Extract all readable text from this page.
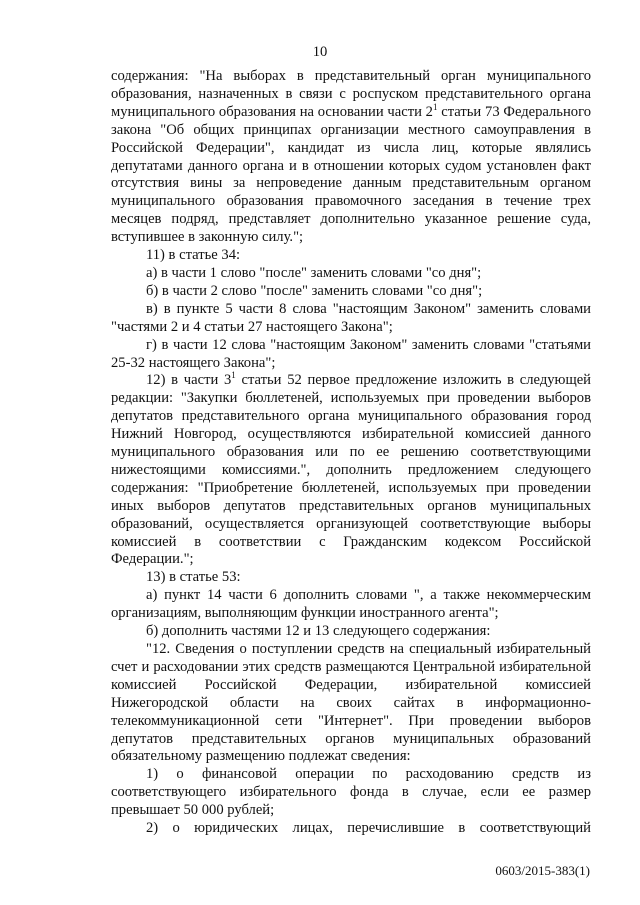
10

содержания: "На выборах в представительный орган муниципального образования, назначенных в связи с роспуском представительного органа муниципального образования на основании части $2^1$ статьи 73 Федерального закона "Об общих принципах организации местного самоуправления в Российской Федерации", кандидат из числа лиц, которые являлись депутатами данного органа и в отношении которых судом установлен факт отсутствия вины за непроведение данным представительным органом муниципального образования правомочного заседания в течение трех месяцев подряд, представляет дополнительно указанное решение суда, вступившее в законную силу.";

11) в статье 34:

а) в части 1 слово "после" заменить словами "со дня";

б) в части 2 слово "после" заменить словами "со дня";

в) в пункте 5 части 8 слова "настоящим Законом" заменить словами "частями 2 и 4 статьи 27 настоящего Закона";

г) в части 12 слова "настоящим Законом" заменить словами "статьями 25-32 настоящего Закона";

12) в части $3^1$ статьи 52 первое предложение изложить в следующей редакции: "Закупки бюллетеней, используемых при проведении выборов депутатов представительного органа муниципального образования город Нижний Новгород, осуществляются избирательной комиссией данного муниципального образования или по ее решению соответствующими нижестоящими комиссиями.", дополнить предложением следующего содержания: "Приобретение бюллетеней, используемых при проведении иных выборов депутатов представительных органов муниципальных образований, осуществляется организующей соответствующие выборы комиссией в соответствии с Гражданским кодексом Российской Федерации.";

13) в статье 53:

а) пункт 14 части 6 дополнить словами ", а также некоммерческим организациям, выполняющим функции иностранного агента";

б) дополнить частями 12 и 13 следующего содержания:

"12. Сведения о поступлении средств на специальный избирательный счет и расходовании этих средств размещаются Центральной избирательной комиссией Российской Федерации, избирательной комиссией Нижегородской области на своих сайтах в информационно-телекоммуникационной сети "Интернет". При проведении выборов депутатов представительных органов муниципальных образований обязательному размещению подлежат сведения:

1) о финансовой операции по расходованию средств из соответствующего избирательного фонда в случае, если ее размер превышает 50 000 рублей;

2) о юридических лицах, перечислившие в соответствующий

0603/2015-383(1)
